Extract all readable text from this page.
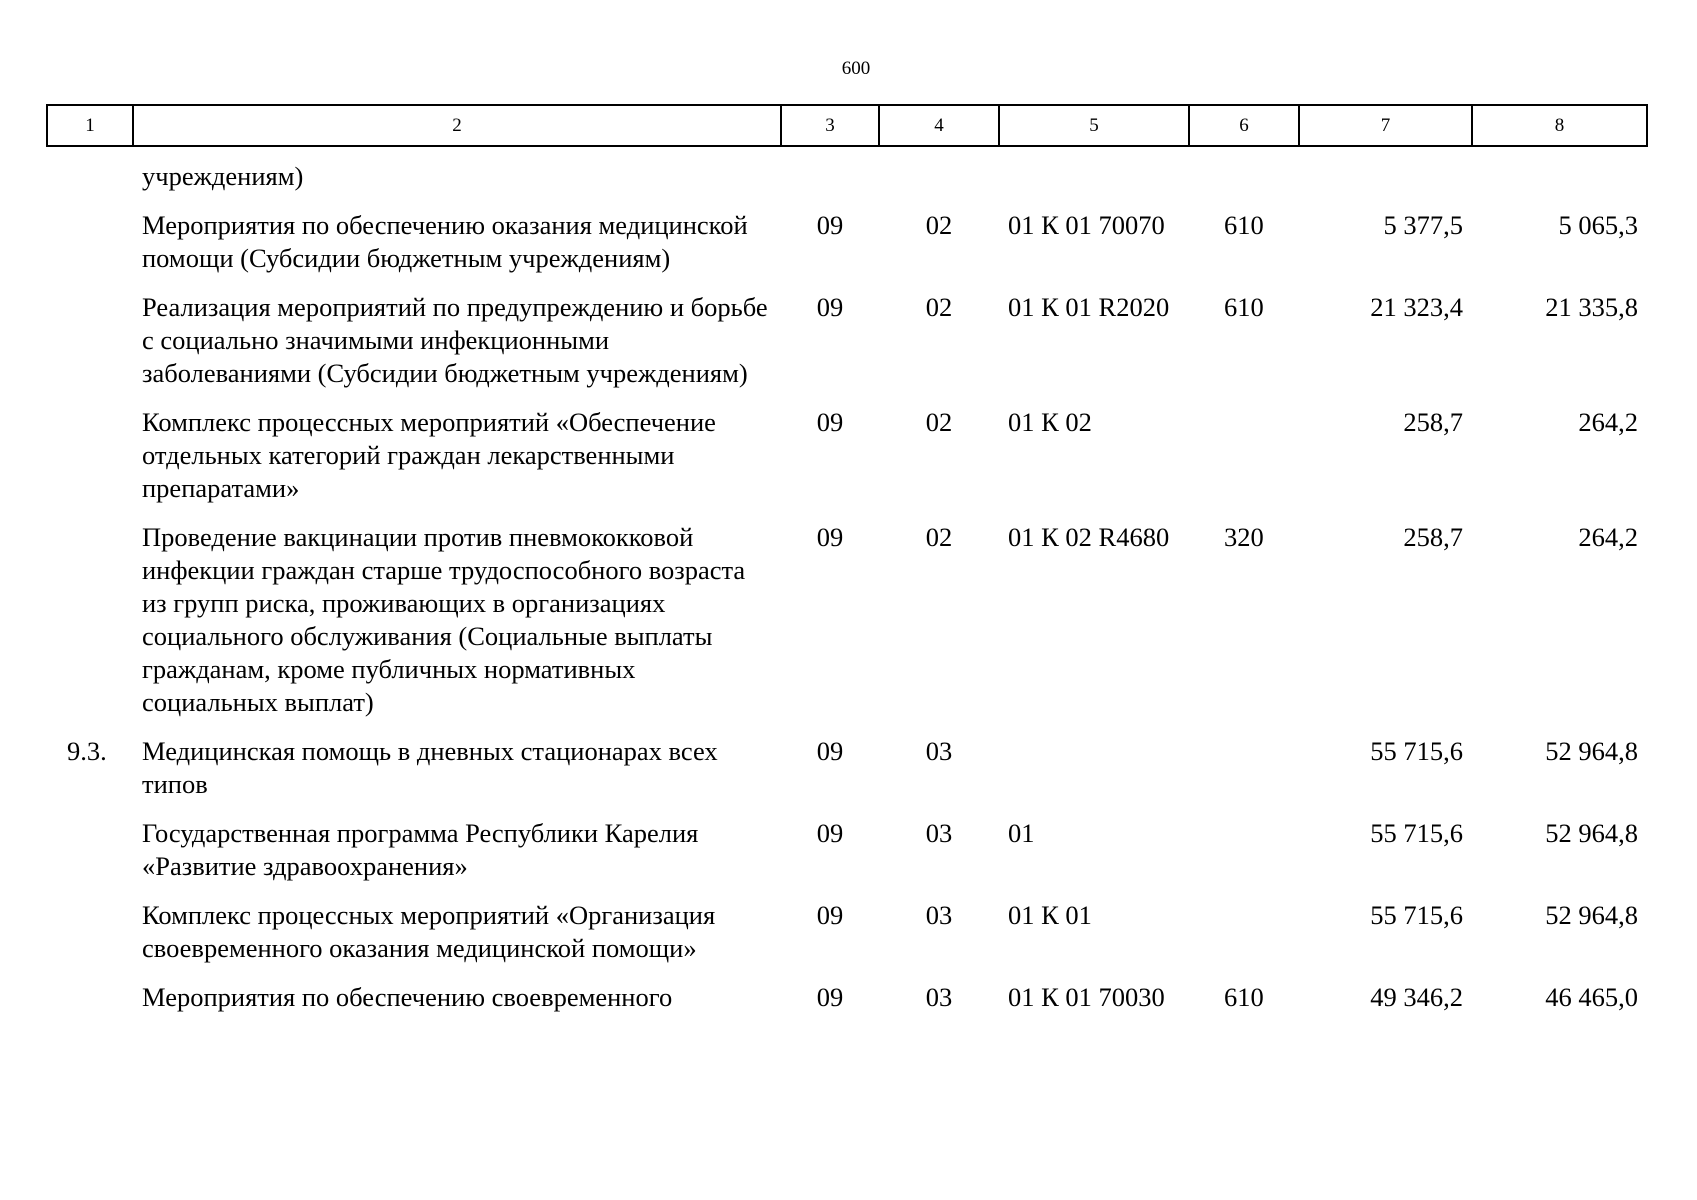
600
1	2	3	4	5	6	7	8
	учреждениям)						
	Мероприятия по обеспечению оказания медицинской помощи (Субсидии бюджетным учреждениям)	09	02	01 К 01 70070	610	5 377,5	5 065,3
	Реализация мероприятий по предупреждению и борьбе с социально значимыми инфекционными заболеваниями (Субсидии бюджетным учреждениям)	09	02	01 К 01 R2020	610	21 323,4	21 335,8
	Комплекс процессных мероприятий «Обеспечение отдельных категорий граждан лекарственными препаратами»	09	02	01 К 02		258,7	264,2
	Проведение вакцинации против пневмококковой инфекции граждан старше трудоспособного возраста из групп риска, проживающих в организациях социального обслуживания (Социальные выплаты гражданам, кроме публичных нормативных социальных выплат)	09	02	01 К 02 R4680	320	258,7	264,2
9.3.	Медицинская помощь в дневных стационарах всех типов	09	03			55 715,6	52 964,8
	Государственная программа Республики Карелия «Развитие здравоохранения»	09	03	01		55 715,6	52 964,8
	Комплекс процессных мероприятий «Организация своевременного оказания медицинской помощи»	09	03	01 К 01		55 715,6	52 964,8
	Мероприятия по обеспечению своевременного	09	03	01 К 01 70030	610	49 346,2	46 465,0
